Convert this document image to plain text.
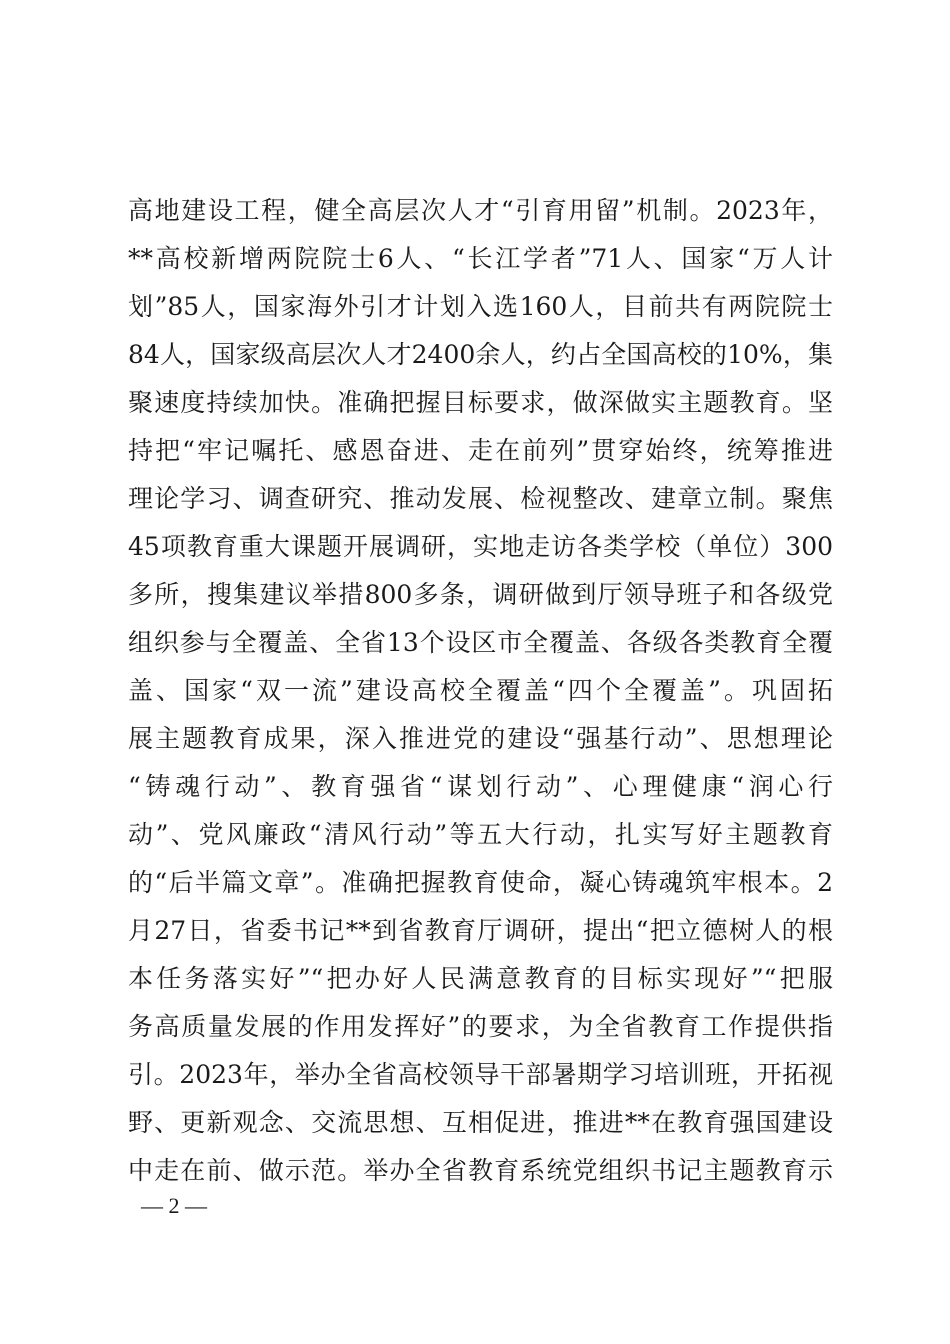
高地建设工程，健全高层次人才“引育用留”机制。2023年，
**高校新增两院院士6人、“长江学者”71人、国家“万人计
划”85人，国家海外引才计划入选160人，目前共有两院院士
84人，国家级高层次人才2400余人，约占全国高校的10%，集
聚速度持续加快。准确把握目标要求，做深做实主题教育。坚
持把“牢记嘱托、感恩奋进、走在前列”贯穿始终，统筹推进
理论学习、调查研究、推动发展、检视整改、建章立制。聚焦
45项教育重大课题开展调研，实地走访各类学校（单位）300
多所，搜集建议举措800多条，调研做到厅领导班子和各级党
组织参与全覆盖、全省13个设区市全覆盖、各级各类教育全覆
盖、国家“双一流”建设高校全覆盖“四个全覆盖”。巩固拓
展主题教育成果，深入推进党的建设“强基行动”、思想理论
“铸魂行动”、教育强省“谋划行动”、心理健康“润心行
动”、党风廉政“清风行动”等五大行动，扎实写好主题教育
的“后半篇文章”。准确把握教育使命，凝心铸魂筑牢根本。2
月27日，省委书记**到省教育厅调研，提出“把立德树人的根
本任务落实好”“把办好人民满意教育的目标实现好”“把服
务高质量发展的作用发挥好”的要求，为全省教育工作提供指
引。2023年，举办全省高校领导干部暑期学习培训班，开拓视
野、更新观念、交流思想、互相促进，推进**在教育强国建设
中走在前、做示范。举办全省教育系统党组织书记主题教育示
— 2 —
